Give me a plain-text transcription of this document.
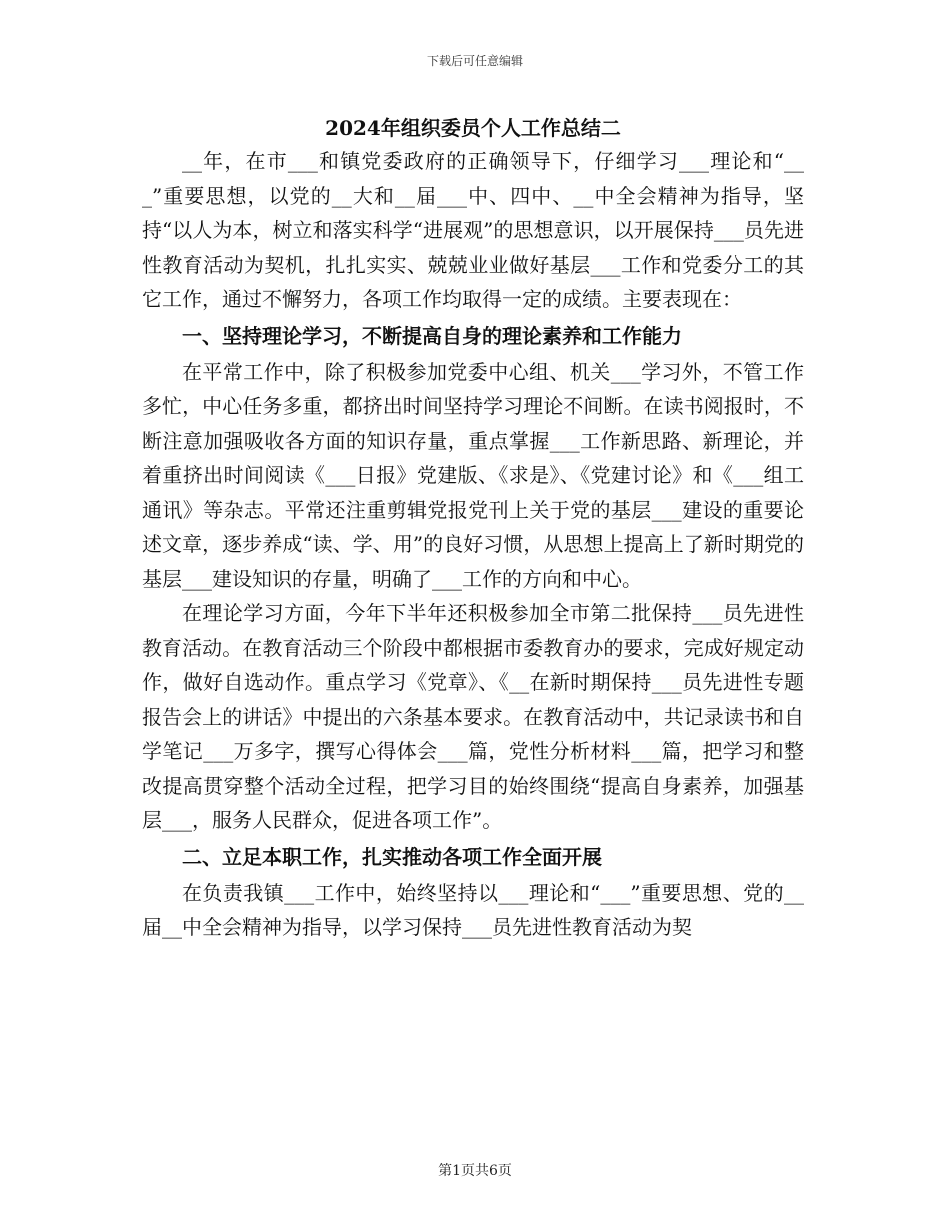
下载后可任意编辑
2024年组织委员个人工作总结二

__年，在市___和镇党委政府的正确领导下，仔细学习___理论和“___”重要思想，以党的__大和__届___中、四中、__中全会精神为指导，坚持“以人为本，树立和落实科学“进展观”的思想意识，以开展保持___员先进性教育活动为契机，扎扎实实、兢兢业业做好基层___工作和党委分工的其它工作，通过不懈努力，各项工作均取得一定的成绩。主要表现在：

一、坚持理论学习，不断提高自身的理论素养和工作能力

在平常工作中，除了积极参加党委中心组、机关___学习外，不管工作多忙，中心任务多重，都挤出时间坚持学习理论不间断。在读书阅报时，不断注意加强吸收各方面的知识存量，重点掌握___工作新思路、新理论，并着重挤出时间阅读《___日报》党建版、《求是》、《党建讨论》和《___组工通讯》等杂志。平常还注重剪辑党报党刊上关于党的基层___建设的重要论述文章，逐步养成“读、学、用”的良好习惯，从思想上提高上了新时期党的基层___建设知识的存量，明确了___工作的方向和中心。

在理论学习方面，今年下半年还积极参加全市第二批保持___员先进性教育活动。在教育活动三个阶段中都根据市委教育办的要求，完成好规定动作，做好自选动作。重点学习《党章》、《__在新时期保持___员先进性专题报告会上的讲话》中提出的六条基本要求。在教育活动中，共记录读书和自学笔记___万多字，撰写心得体会___篇，党性分析材料___篇，把学习和整改提高贯穿整个活动全过程，把学习目的始终围绕“提高自身素养，加强基层___，服务人民群众，促进各项工作”。

二、立足本职工作，扎实推动各项工作全面开展

在负责我镇___工作中，始终坚持以___理论和“___”重要思想、党的__届__中全会精神为指导，以学习保持___员先进性教育活动为契

第1页共6页
